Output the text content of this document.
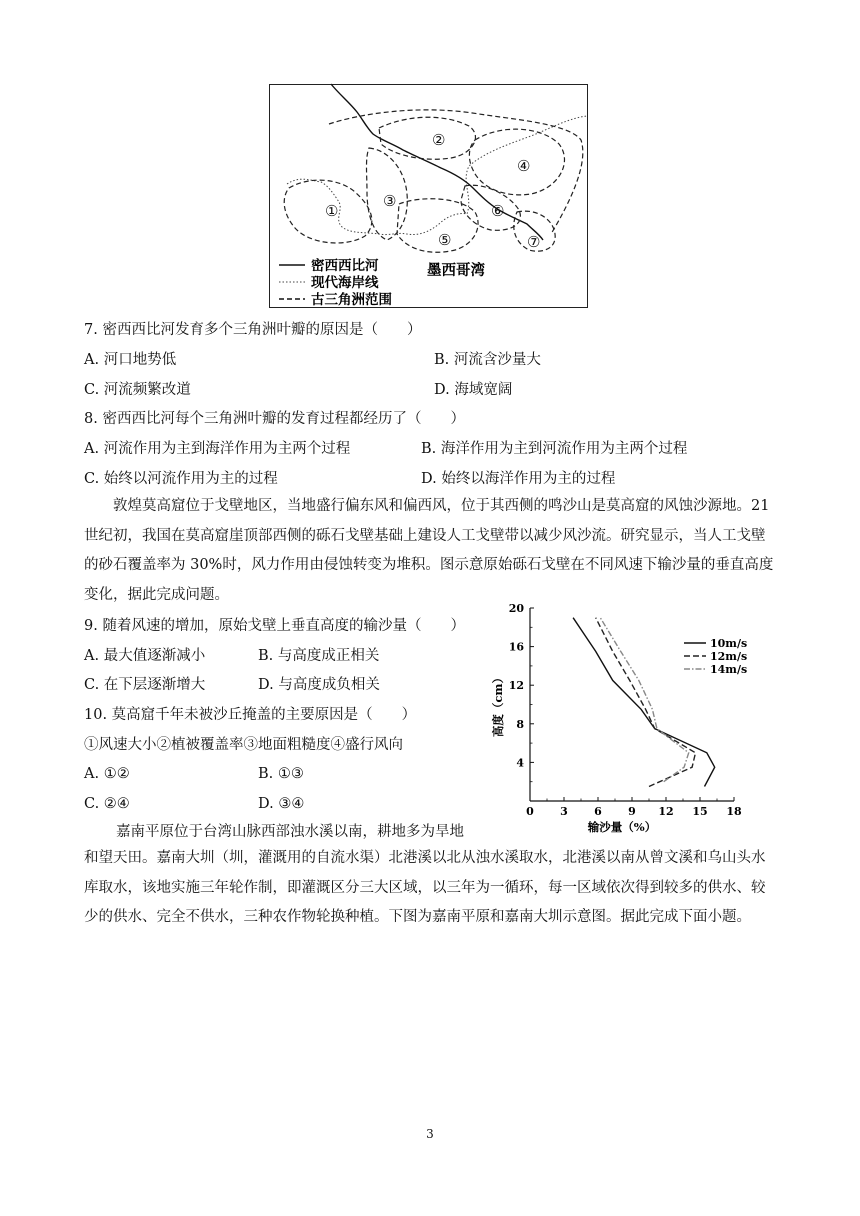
①
②
③
④
⑤
⑥
⑦
密西西比河
现代海岸线
古三角洲范围
墨西哥湾
7. 密西西比河发育多个三角洲叶瓣的原因是（　　）
A. 河口地势低	B. 河流含沙量大
C. 河流频繁改道	D. 海域宽阔
8. 密西西比河每个三角洲叶瓣的发育过程都经历了（　　）
A. 河流作用为主到海洋作用为主两个过程	B. 海洋作用为主到河流作用为主两个过程
C. 始终以河流作用为主的过程	D. 始终以海洋作用为主的过程
敦煌莫高窟位于戈壁地区，当地盛行偏东风和偏西风，位于其西侧的鸣沙山是莫高窟的风蚀沙源地。21 世纪初，我国在莫高窟崖顶部西侧的砾石戈壁基础上建设人工戈壁带以减少风沙流。研究显示，当人工戈壁的砂石覆盖率为 30%时，风力作用由侵蚀转变为堆积。图示意原始砾石戈壁在不同风速下输沙量的垂直高度变化，据此完成问题。
9. 随着风速的增加，原始戈壁上垂直高度的输沙量（　　）
A. 最大值逐渐减小	B. 与高度成正相关
C. 在下层逐渐增大	D. 与高度成负相关
10. 莫高窟千年未被沙丘掩盖的主要原因是（　　）
①风速大小②植被覆盖率③地面粗糙度④盛行风向
A. ①②	B. ①③
C. ②④	D. ③④	0 3 6 9 12 15 18
4
8
12
16
20
输沙量（%）
高度（cm）
10m/s
12m/s
14m/s
嘉南平原位于台湾山脉西部浊水溪以南，耕地多为旱地
和望天田。嘉南大圳（圳，灌溉用的自流水渠）北港溪以北从浊水溪取水，北港溪以南从曾文溪和乌山头水库取水，该地实施三年轮作制，即灌溉区分三大区域，以三年为一循环，每一区域依次得到较多的供水、较少的供水、完全不供水，三种农作物轮换种植。下图为嘉南平原和嘉南大圳示意图。据此完成下面小题。
3
